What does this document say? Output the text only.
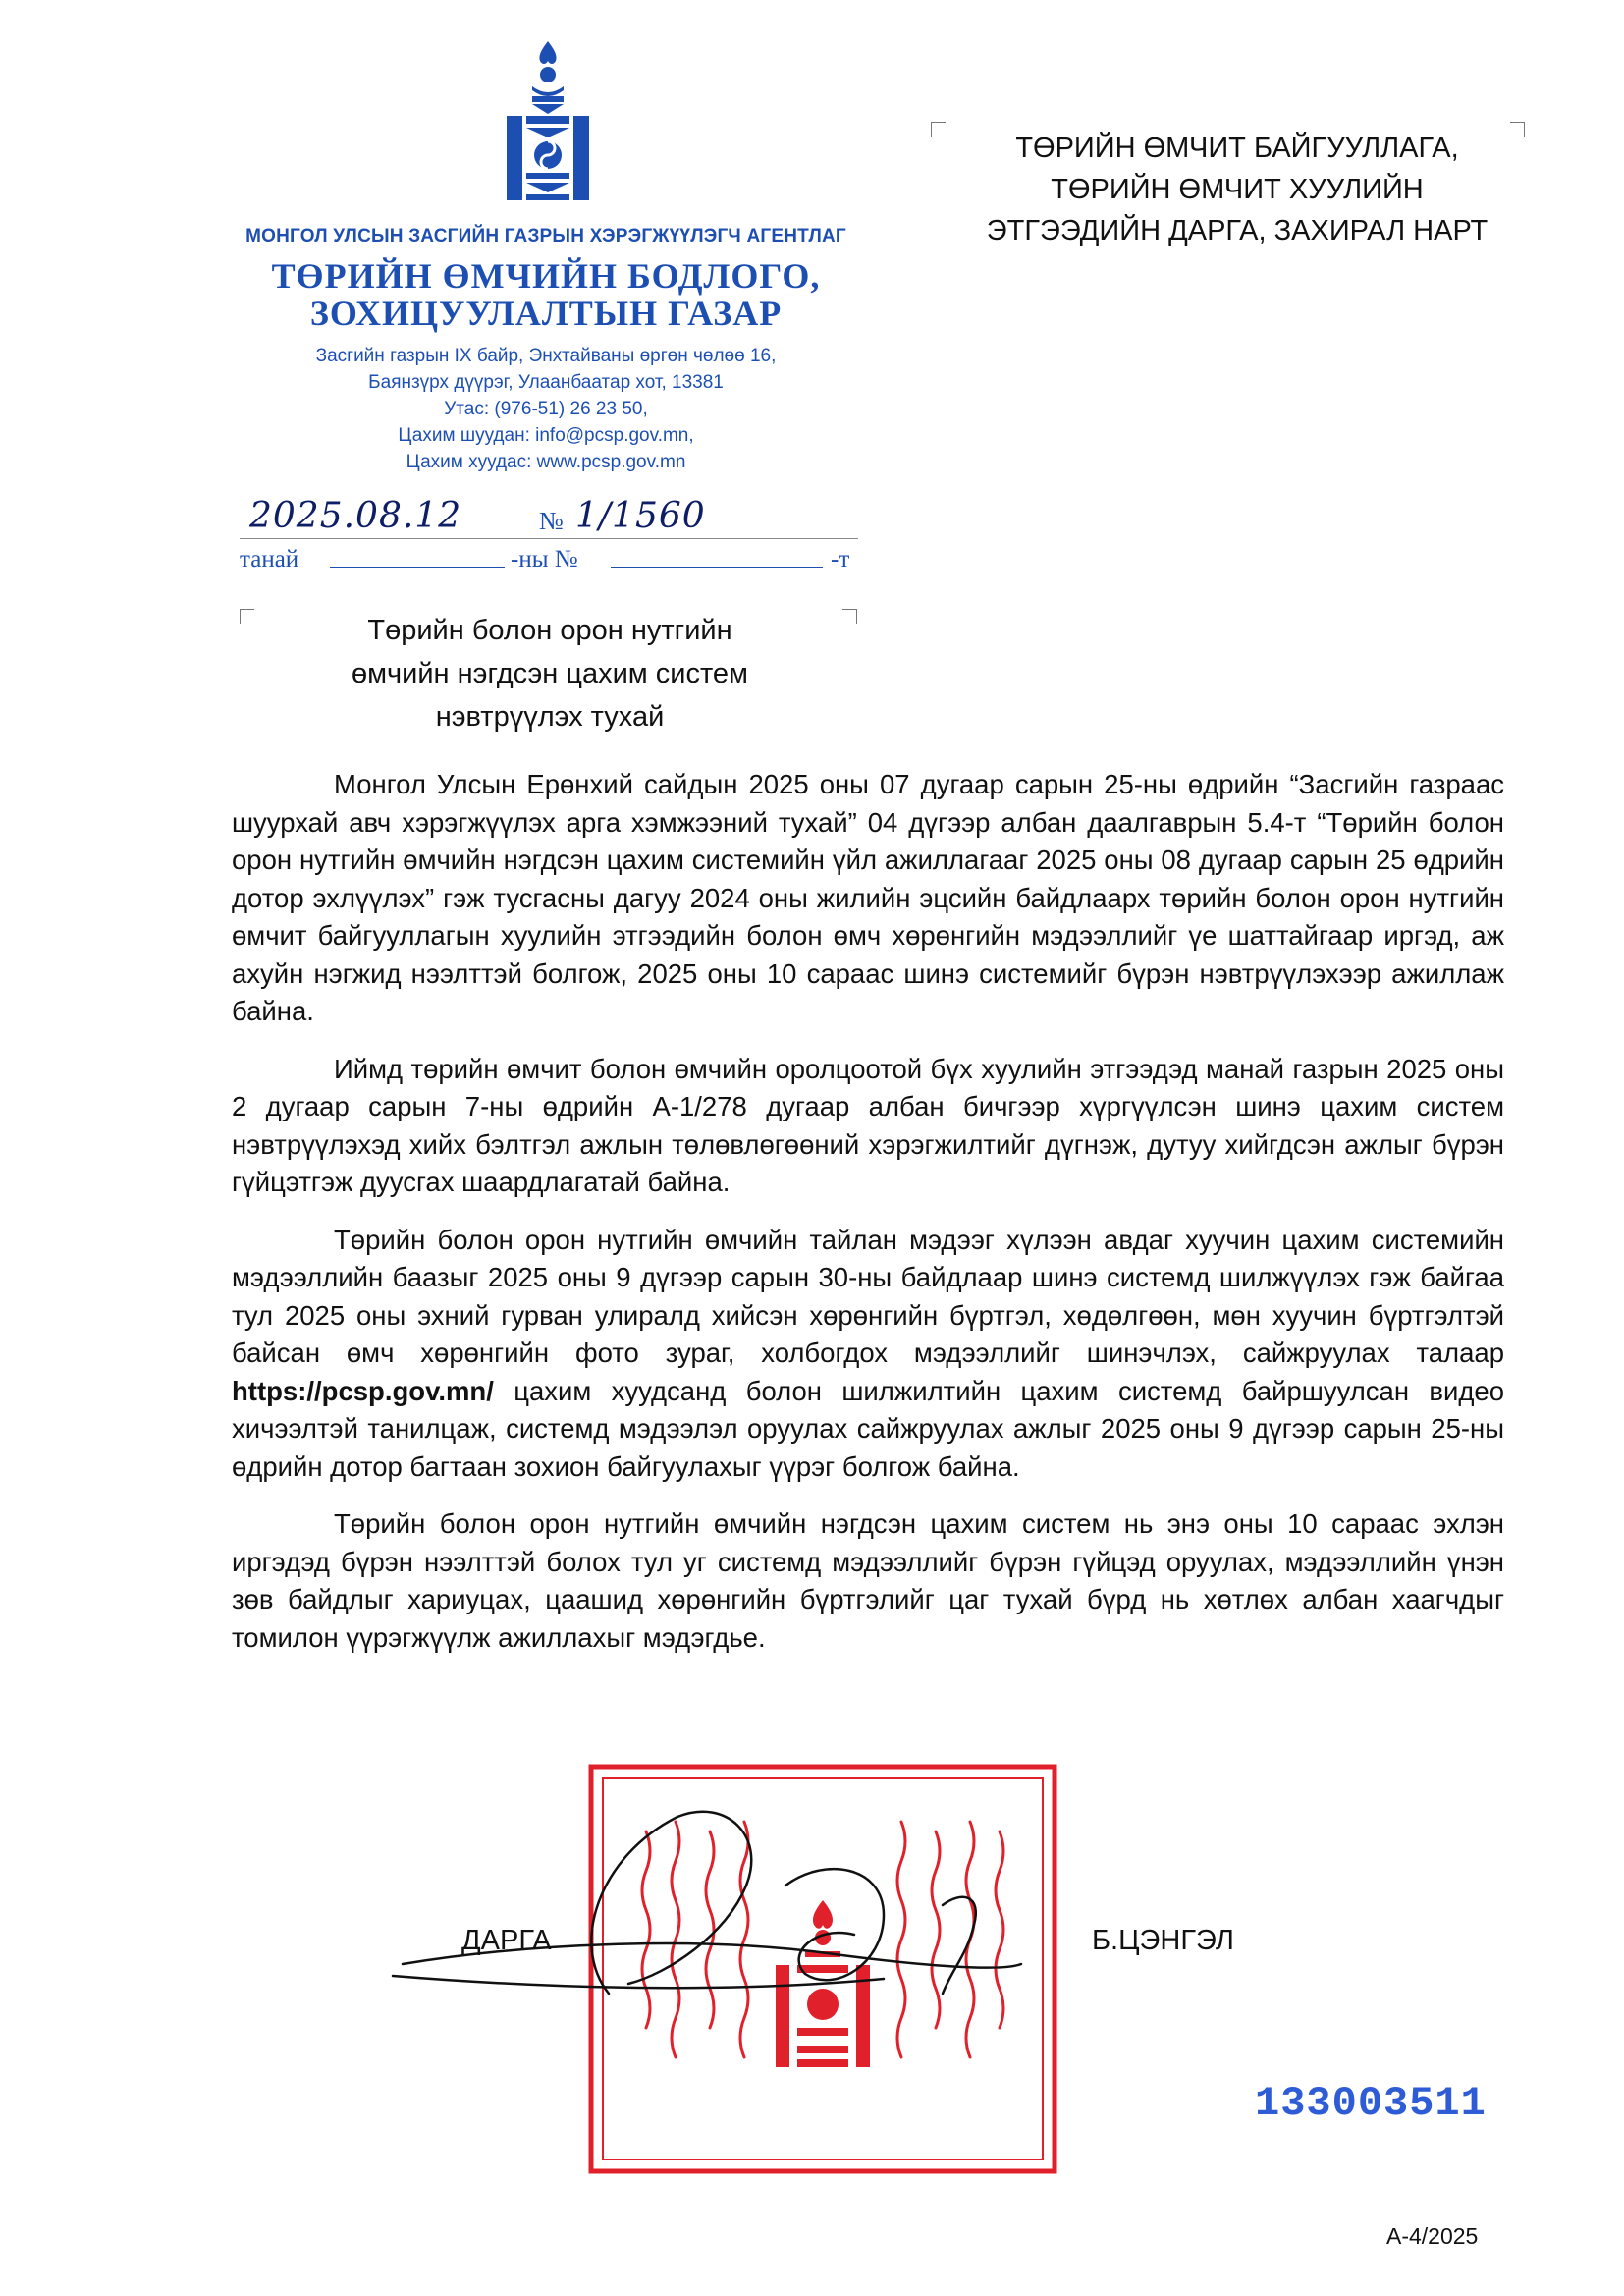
МОНГОЛ УЛСЫН ЗАСГИЙН ГАЗРЫН ХЭРЭГЖҮҮЛЭГЧ АГЕНТЛАГ
ТӨРИЙН ӨМЧИЙН БОДЛОГО,
ЗОХИЦУУЛАЛТЫН ГАЗАР
Засгийн газрын IX байр, Энхтайваны өргөн чөлөө 16,
Баянзүрх дүүрэг, Улаанбаатар хот, 13381
Утас: (976-51) 26 23 50,
Цахим шуудан: info@pcsp.gov.mn,
Цахим хуудас: www.pcsp.gov.mn
2025.08.12	№ 1/1560
танай	-ны №	-т
ТӨРИЙН ӨМЧИТ БАЙГУУЛЛАГА,
ТӨРИЙН ӨМЧИТ ХУУЛИЙН
ЭТГЭЭДИЙН ДАРГА, ЗАХИРАЛ НАРТ
Төрийн болон орон нутгийн
өмчийн нэгдсэн цахим систем
нэвтрүүлэх тухай

Монгол Улсын Ерөнхий сайдын 2025 оны 07 дугаар сарын 25-ны өдрийн “Засгийн газраас шуурхай авч хэрэгжүүлэх арга хэмжээний тухай” 04 дүгээр албан даалгаврын 5.4-т “Төрийн болон орон нутгийн өмчийн нэгдсэн цахим системийн үйл ажиллагааг 2025 оны 08 дугаар сарын 25 өдрийн дотор эхлүүлэх” гэж тусгасны дагуу 2024 оны жилийн эцсийн байдлаарх төрийн болон орон нутгийн өмчит байгууллагын хуулийн этгээдийн болон өмч хөрөнгийн мэдээллийг үе шаттайгаар иргэд, аж ахуйн нэгжид нээлттэй болгож, 2025 оны 10 сараас шинэ системийг бүрэн нэвтрүүлэхээр ажиллаж байна.

Иймд төрийн өмчит болон өмчийн оролцоотой бүх хуулийн этгээдэд манай газрын 2025 оны 2 дугаар сарын 7-ны өдрийн А-1/278 дугаар албан бичгээр хүргүүлсэн шинэ цахим систем нэвтрүүлэхэд хийх бэлтгэл ажлын төлөвлөгөөний хэрэгжилтийг дүгнэж, дутуу хийгдсэн ажлыг бүрэн гүйцэтгэж дуусгах шаардлагатай байна.

Төрийн болон орон нутгийн өмчийн тайлан мэдээг хүлээн авдаг хуучин цахим системийн мэдээллийн баазыг 2025 оны 9 дүгээр сарын 30-ны байдлаар шинэ системд шилжүүлэх гэж байгаа тул 2025 оны эхний гурван улиралд хийсэн хөрөнгийн бүртгэл, хөдөлгөөн, мөн хуучин бүртгэлтэй байсан өмч хөрөнгийн фото зураг, холбогдох мэдээллийг шинэчлэх, сайжруулах талаар https://pcsp.gov.mn/ цахим хуудсанд болон шилжилтийн цахим системд байршуулсан видео хичээлтэй танилцаж, системд мэдээлэл оруулах сайжруулах ажлыг 2025 оны 9 дүгээр сарын 25-ны өдрийн дотор багтаан зохион байгуулахыг үүрэг болгож байна.

Төрийн болон орон нутгийн өмчийн нэгдсэн цахим систем нь энэ оны 10 сараас эхлэн иргэдэд бүрэн нээлттэй болох тул уг системд мэдээллийг бүрэн гүйцэд оруулах, мэдээллийн үнэн зөв байдлыг хариуцах, цаашид хөрөнгийн бүртгэлийг цаг тухай бүрд нь хөтлөх албан хаагчдыг томилон үүрэгжүүлж ажиллахыг мэдэгдье.

ДАРГА	Б.ЦЭНГЭЛ
133003511
А-4/2025
